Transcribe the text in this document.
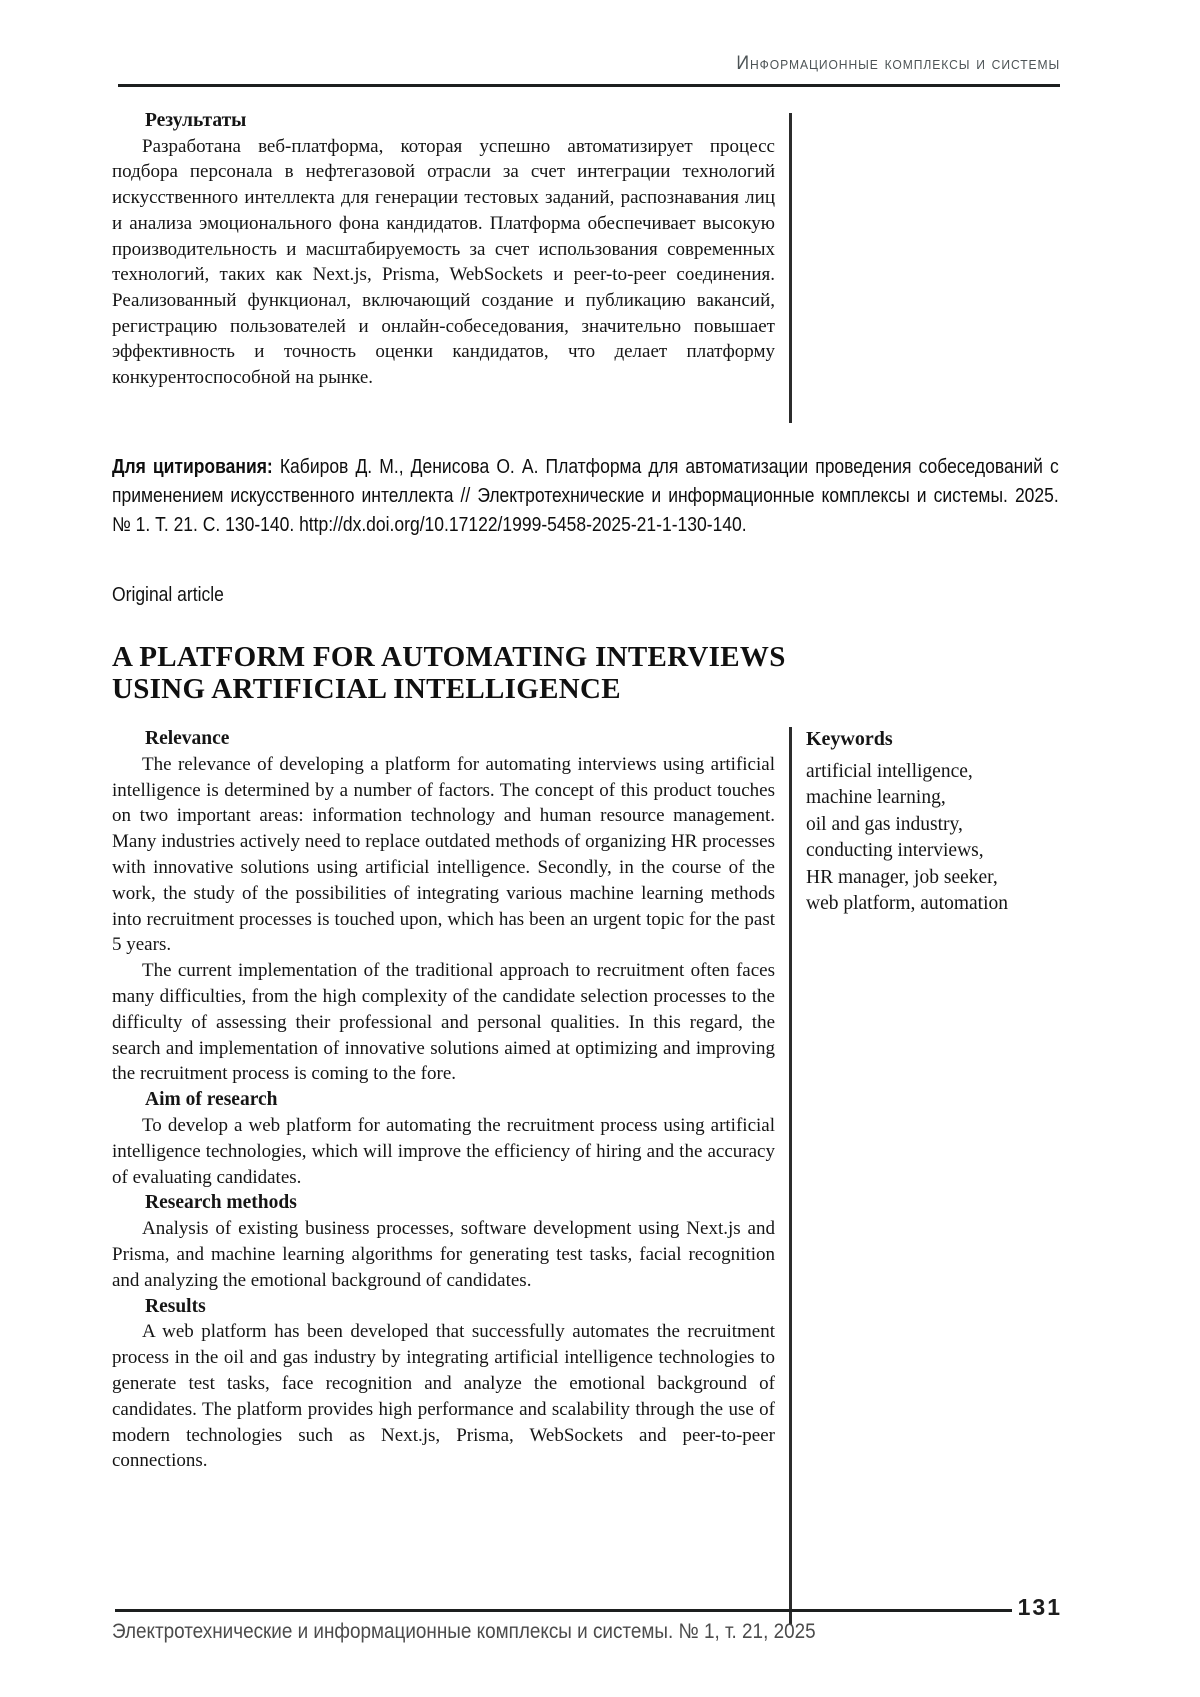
Информационные комплексы и системы

Результаты

Разработана веб-платформа, которая успешно автоматизирует процесс подбора персонала в нефтегазовой отрасли за счет интеграции технологий искусственного интеллекта для генерации тестовых заданий, распознавания лиц и анализа эмоционального фона кандидатов. Платформа обеспечивает высокую производительность и масштабируемость за счет использования современных технологий, таких как Next.js, Prisma, WebSockets и peer-to-peer соединения. Реализованный функционал, включающий создание и публикацию вакансий, регистрацию пользователей и онлайн-собеседования, значительно повышает эффективность и точность оценки кандидатов, что делает платформу конкурентоспособной на рынке.

Для цитирования: Кабиров Д. М., Денисова О. А. Платформа для автоматизации проведения собеседований с применением искусственного интеллекта // Электротехнические и информационные комплексы и системы. 2025. № 1. Т. 21. С. 130-140. http://dx.doi.org/10.17122/1999-5458-2025-21-1-130-140.
Original article
A PLATFORM FOR AUTOMATING INTERVIEWS
USING ARTIFICIAL INTELLIGENCE

Relevance

The relevance of developing a platform for automating interviews using artificial intelligence is determined by a number of factors. The concept of this product touches on two important areas: information technology and human resource management. Many industries actively need to replace outdated methods of organizing HR processes with innovative solutions using artificial intelligence. Secondly, in the course of the work, the study of the possibilities of integrating various machine learning methods into recruitment processes is touched upon, which has been an urgent topic for the past 5 years.

The current implementation of the traditional approach to recruitment often faces many difficulties, from the high complexity of the candidate selection processes to the difficulty of assessing their professional and personal qualities. In this regard, the search and implementation of innovative solutions aimed at optimizing and improving the recruitment process is coming to the fore.

Aim of research

To develop a web platform for automating the recruitment process using artificial intelligence technologies, which will improve the efficiency of hiring and the accuracy of evaluating candidates.

Research methods

Analysis of existing business processes, software development using Next.js and Prisma, and machine learning algorithms for generating test tasks, facial recognition and analyzing the emotional background of candidates.

Results

A web platform has been developed that successfully automates the recruitment process in the oil and gas industry by integrating artificial intelligence technologies to generate test tasks, face recognition and analyze the emotional background of candidates. The platform provides high performance and scalability through the use of modern technologies such as Next.js, Prisma, WebSockets and peer-to-peer connections.

Keywords

artificial intelligence,

machine learning,

oil and gas industry,

conducting interviews,

HR manager, job seeker,

web platform, automation

131
Электротехнические и информационные комплексы и системы. № 1, т. 21, 2025
